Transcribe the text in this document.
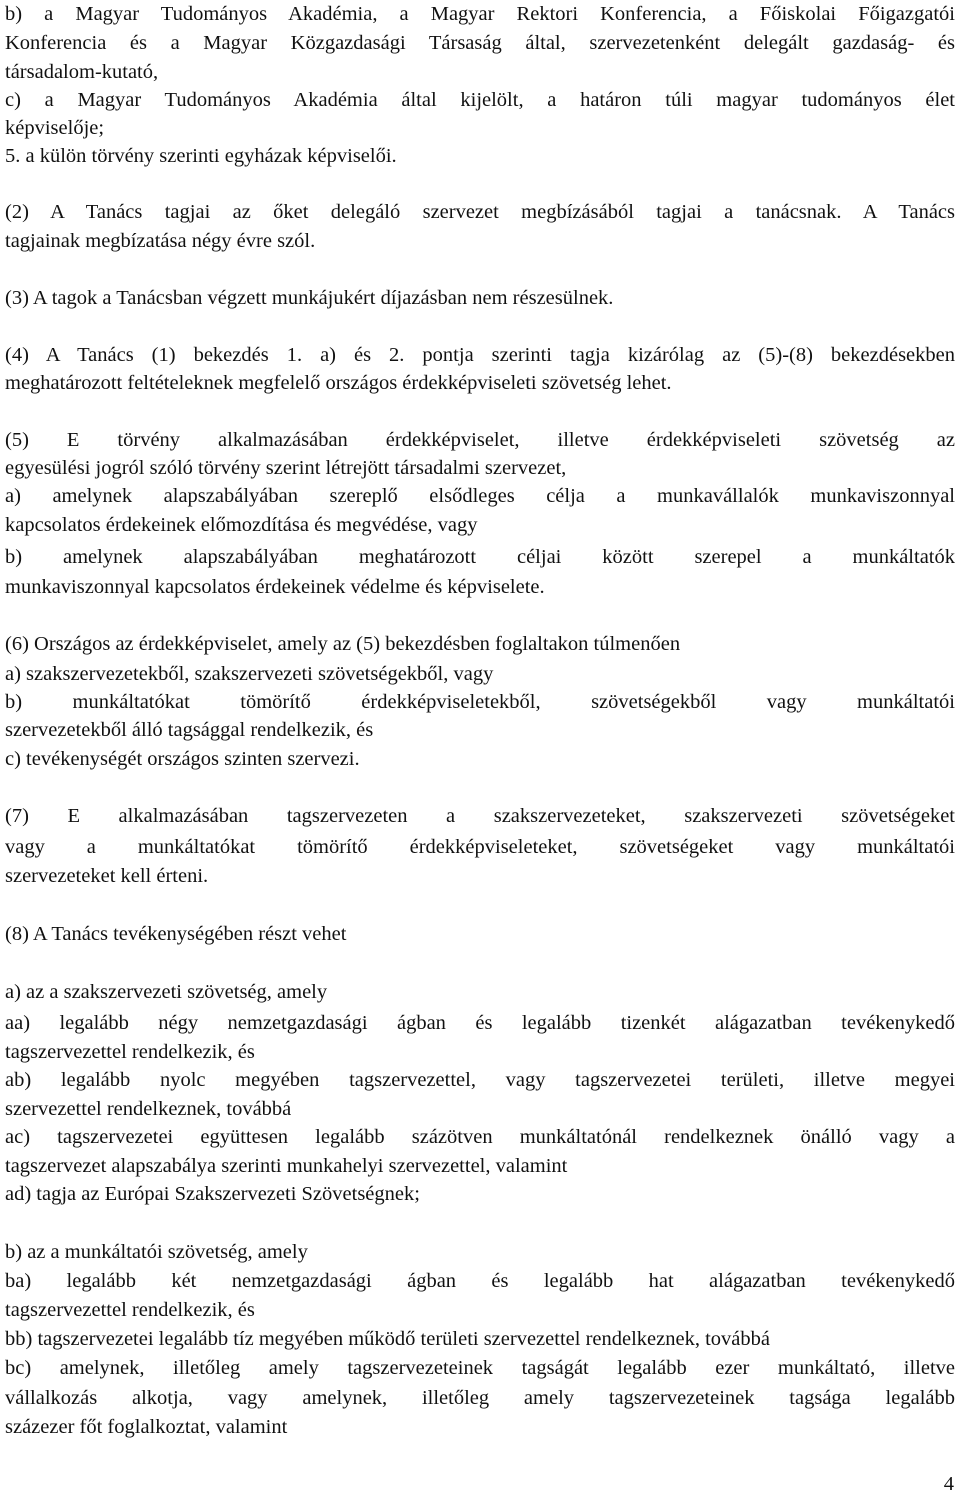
b) a Magyar Tudományos Akadémia, a Magyar Rektori Konferencia, a Főiskolai Főigazgatói
Konferencia és a Magyar Közgazdasági Társaság által, szervezetenként delegált gazdaság- és
társadalom-kutató,
c) a Magyar Tudományos Akadémia által kijelölt, a határon túli magyar tudományos élet
képviselője;
5. a külön törvény szerinti egyházak képviselői.
(2) A Tanács tagjai az őket delegáló szervezet megbízásából tagjai a tanácsnak. A Tanács
tagjainak megbízatása négy évre szól.
(3) A tagok a Tanácsban végzett munkájukért díjazásban nem részesülnek.
(4) A Tanács (1) bekezdés 1. a) és 2. pontja szerinti tagja kizárólag az (5)-(8) bekezdésekben
meghatározott feltételeknek megfelelő országos érdekképviseleti szövetség lehet.
(5) E törvény alkalmazásában érdekképviselet, illetve érdekképviseleti szövetség az
egyesülési jogról szóló törvény szerint létrejött társadalmi szervezet,
a) amelynek alapszabályában szereplő elsődleges célja a munkavállalók munkaviszonnyal
kapcsolatos érdekeinek előmozdítása és megvédése, vagy
b) amelynek alapszabályában meghatározott céljai között szerepel a munkáltatók
munkaviszonnyal kapcsolatos érdekeinek védelme és képviselete.
(6) Országos az érdekképviselet, amely az (5) bekezdésben foglaltakon túlmenően
a) szakszervezetekből, szakszervezeti szövetségekből, vagy
b) munkáltatókat tömörítő érdekképviseletekből, szövetségekből vagy munkáltatói
szervezetekből álló tagsággal rendelkezik, és
c) tevékenységét országos szinten szervezi.
(7) E alkalmazásában tagszervezeten a szakszervezeteket, szakszervezeti szövetségeket
vagy a munkáltatókat tömörítő érdekképviseleteket, szövetségeket vagy munkáltatói
szervezeteket kell érteni.
(8) A Tanács tevékenységében részt vehet
a) az a szakszervezeti szövetség, amely
aa) legalább négy nemzetgazdasági ágban és legalább tizenkét alágazatban tevékenykedő
tagszervezettel rendelkezik, és
ab) legalább nyolc megyében tagszervezettel, vagy tagszervezetei területi, illetve megyei
szervezettel rendelkeznek, továbbá
ac) tagszervezetei együttesen legalább százötven munkáltatónál rendelkeznek önálló vagy a
tagszervezet alapszabálya szerinti munkahelyi szervezettel, valamint
ad) tagja az Európai Szakszervezeti Szövetségnek;
b) az a munkáltatói szövetség, amely
ba) legalább két nemzetgazdasági ágban és legalább hat alágazatban tevékenykedő
tagszervezettel rendelkezik, és
bb) tagszervezetei legalább tíz megyében működő területi szervezettel rendelkeznek, továbbá
bc) amelynek, illetőleg amely tagszervezeteinek tagságát legalább ezer munkáltató, illetve
vállalkozás alkotja, vagy amelynek, illetőleg amely tagszervezeteinek tagsága legalább
százezer főt foglalkoztat, valamint
4
